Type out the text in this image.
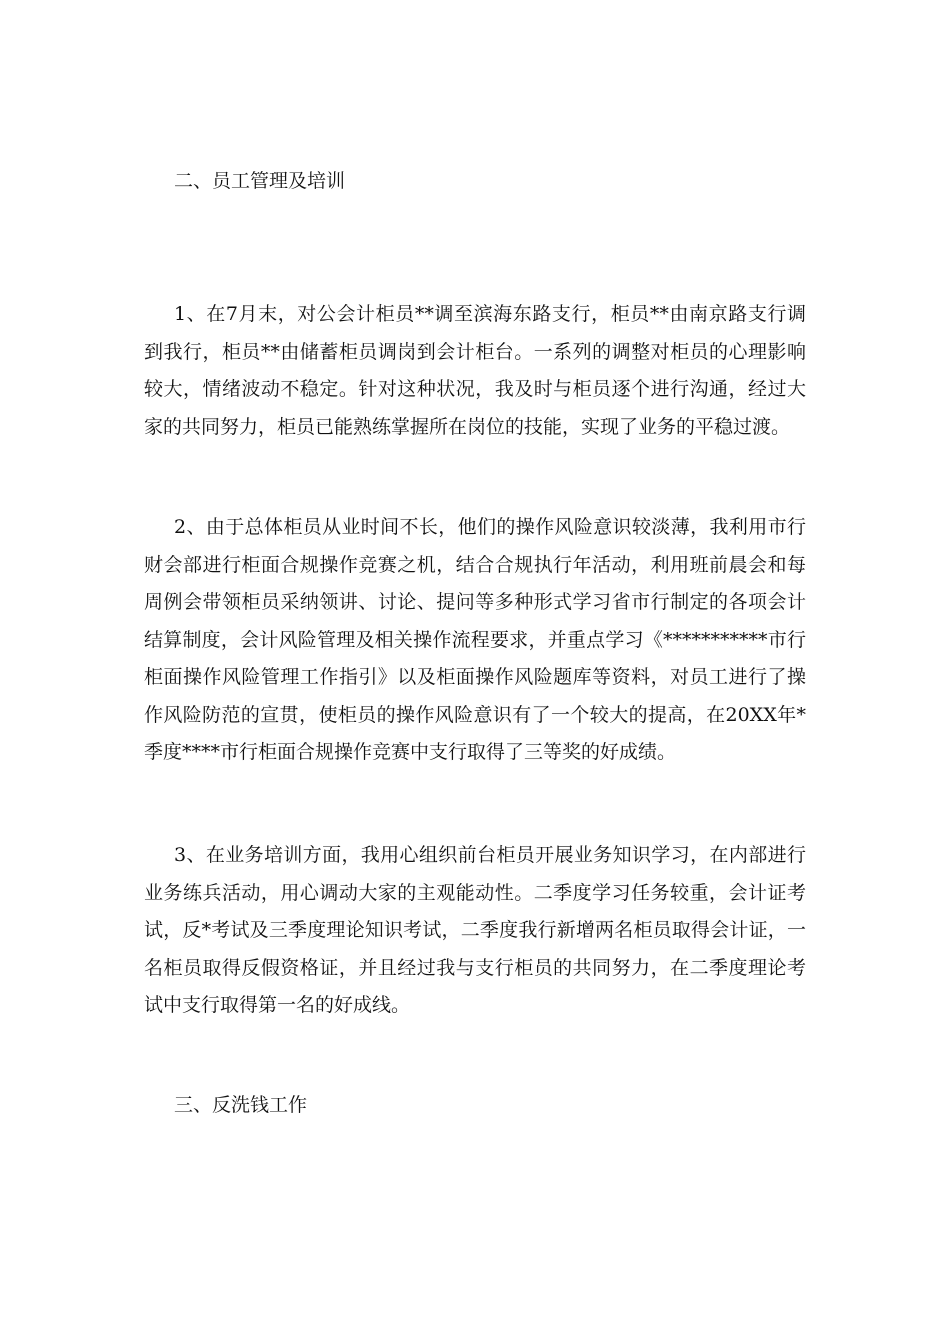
二、员工管理及培训
1、在7月末，对公会计柜员**调至滨海东路支行，柜员**由南京路支行调到我行，柜员**由储蓄柜员调岗到会计柜台。一系列的调整对柜员的心理影响较大，情绪波动不稳定。针对这种状况，我及时与柜员逐个进行沟通，经过大家的共同努力，柜员已能熟练掌握所在岗位的技能，实现了业务的平稳过渡。
2、由于总体柜员从业时间不长，他们的操作风险意识较淡薄，我利用市行财会部进行柜面合规操作竞赛之机，结合合规执行年活动，利用班前晨会和每周例会带领柜员采纳领讲、讨论、提问等多种形式学习省市行制定的各项会计结算制度，会计风险管理及相关操作流程要求，并重点学习《***********市行柜面操作风险管理工作指引》以及柜面操作风险题库等资料，对员工进行了操作风险防范的宣贯，使柜员的操作风险意识有了一个较大的提高，在20XX年*季度****市行柜面合规操作竞赛中支行取得了三等奖的好成绩。
3、在业务培训方面，我用心组织前台柜员开展业务知识学习，在内部进行业务练兵活动，用心调动大家的主观能动性。二季度学习任务较重，会计证考试，反*考试及三季度理论知识考试，二季度我行新增两名柜员取得会计证，一名柜员取得反假资格证，并且经过我与支行柜员的共同努力，在二季度理论考试中支行取得第一名的好成线。
三、反洗钱工作
